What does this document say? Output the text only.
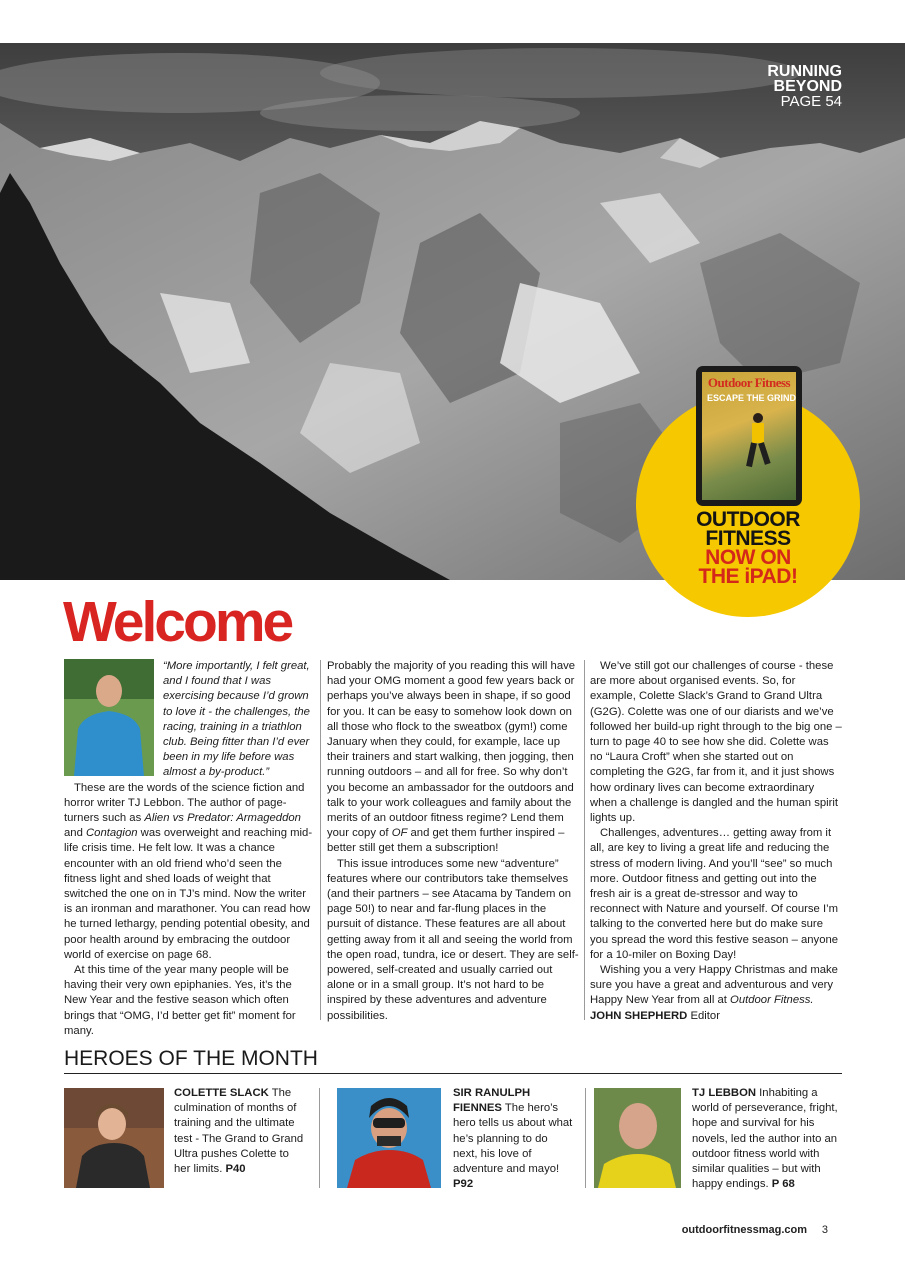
RUNNING
BEYOND
PAGE 54
Outdoor Fitness
ESCAPE THE GRIND
OUTDOOR
FITNESS
NOW ON
THE iPAD!
Welcome

“More importantly, I felt great, and I found that I was exercising because I’d grown to love it - the challenges, the racing, training in a triathlon club. Being fitter than I’d ever been in my life before was almost a by-product.”

These are the words of the science fiction and horror writer TJ Lebbon. The author of page-turners such as Alien vs Predator: Armageddon and Contagion was overweight and reaching mid-life crisis time. He felt low. It was a chance encounter with an old friend who’d seen the fitness light and shed loads of weight that switched the one on in TJ’s mind. Now the writer is an ironman and marathoner. You can read how he turned lethargy, pending potential obesity, and poor health around by embracing the outdoor world of exercise on page 68.

At this time of the year many people will be having their very own epiphanies. Yes, it’s the New Year and the festive season which often brings that “OMG, I’d better get fit” moment for many.

Probably the majority of you reading this will have had your OMG moment a good few years back or perhaps you’ve always been in shape, if so good for you. It can be easy to somehow look down on all those who flock to the sweatbox (gym!) come January when they could, for example, lace up their trainers and start walking, then jogging, then running outdoors – and all for free. So why don’t you become an ambassador for the outdoors and talk to your work colleagues and family about the merits of an outdoor fitness regime? Lend them your copy of OF and get them further inspired – better still get them a subscription!

This issue introduces some new “adventure” features where our contributors take themselves (and their partners – see Atacama by Tandem on page 50!) to near and far-flung places in the pursuit of distance. These features are all about getting away from it all and seeing the world from the open road, tundra, ice or desert. They are self-powered, self-created and usually carried out alone or in a small group. It’s not hard to be inspired by these adventures and adventure possibilities.

We’ve still got our challenges of course - these are more about organised events. So, for example, Colette Slack’s Grand to Grand Ultra (G2G). Colette was one of our diarists and we’ve followed her build-up right through to the big one – turn to page 40 to see how she did. Colette was no “Laura Croft” when she started out on completing the G2G, far from it, and it just shows how ordinary lives can become extraordinary when a challenge is dangled and the human spirit lights up.

Challenges, adventures… getting away from it all, are key to living a great life and reducing the stress of modern living. And you’ll “see” so much more. Outdoor fitness and getting out into the fresh air is a great de-stressor and way to reconnect with Nature and yourself. Of course I’m talking to the converted here but do make sure you spread the word this festive season – anyone for a 10-miler on Boxing Day!

Wishing you a very Happy Christmas and make sure you have a great and adventurous and very Happy New Year from all at Outdoor Fitness.

JOHN SHEPHERD Editor

HEROES OF THE MONTH
COLETTE SLACK The culmination of months of training and the ultimate test - The Grand to Grand Ultra pushes Colette to her limits. P40
SIR RANULPH FIENNES The hero’s hero tells us about what he’s planning to do next, his love of adventure and mayo! P92
TJ LEBBON Inhabiting a world of perseverance, fright, hope and survival for his novels, led the author into an outdoor fitness world with similar qualities – but with happy endings. P 68
outdoorfitnessmag.com 3
